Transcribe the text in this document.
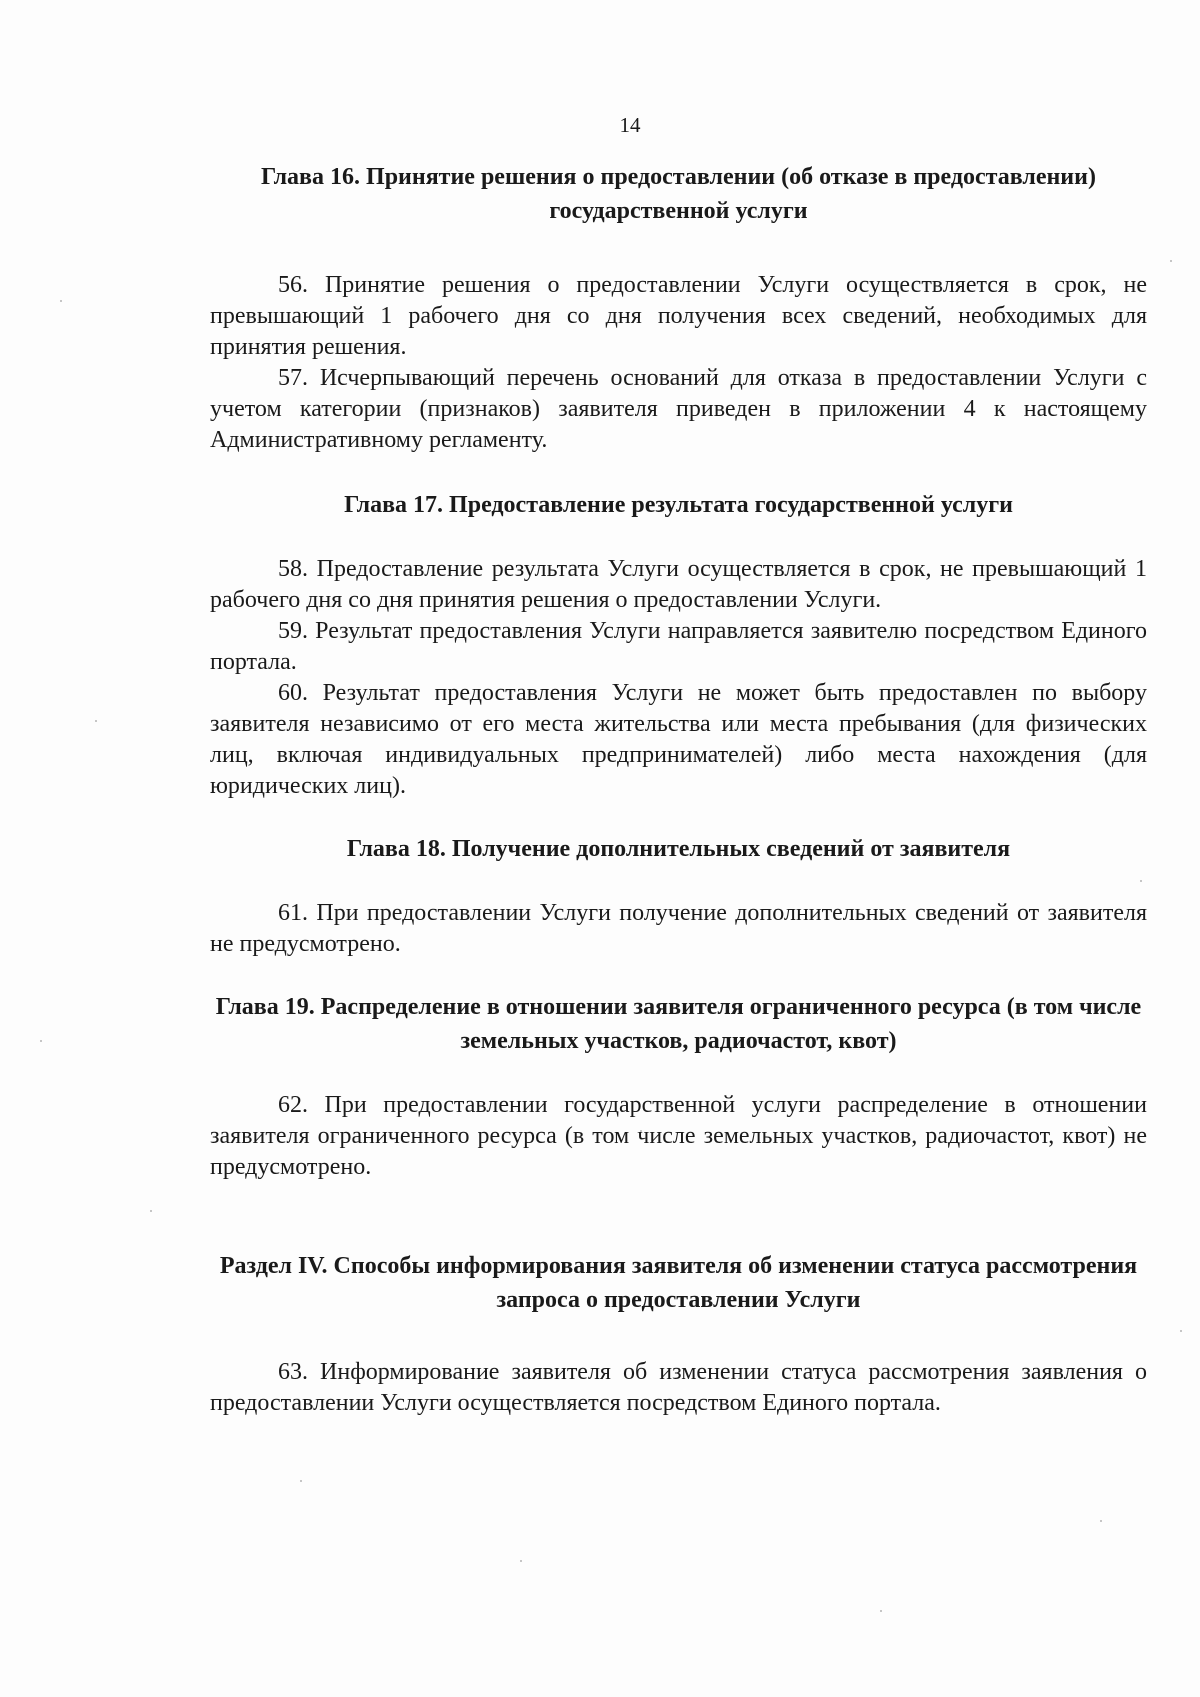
14

Глава 16. Принятие решения о предоставлении (об отказе в предоставлении) государственной услуги

56. Принятие решения о предоставлении Услуги осуществляется в срок, не превышающий 1 рабочего дня со дня получения всех сведений, необходимых для принятия решения.

57. Исчерпывающий перечень оснований для отказа в предоставлении Услуги с учетом категории (признаков) заявителя приведен в приложении 4 к настоящему Административному регламенту.

Глава 17. Предоставление результата государственной услуги

58. Предоставление результата Услуги осуществляется в срок, не превышающий 1 рабочего дня со дня принятия решения о предоставлении Услуги.

59. Результат предоставления Услуги направляется заявителю посредством Единого портала.

60. Результат предоставления Услуги не может быть предоставлен по выбору заявителя независимо от его места жительства или места пребывания (для физических лиц, включая индивидуальных предпринимателей) либо места нахождения (для юридических лиц).

Глава 18. Получение дополнительных сведений от заявителя

61. При предоставлении Услуги получение дополнительных сведений от заявителя не предусмотрено.

Глава 19. Распределение в отношении заявителя ограниченного ресурса (в том числе земельных участков, радиочастот, квот)

62. При предоставлении государственной услуги распределение в отношении заявителя ограниченного ресурса (в том числе земельных участков, радиочастот, квот) не предусмотрено.

Раздел IV. Способы информирования заявителя об изменении статуса рассмотрения запроса о предоставлении Услуги

63. Информирование заявителя об изменении статуса рассмотрения заявления о предоставлении Услуги осуществляется посредством Единого портала.
